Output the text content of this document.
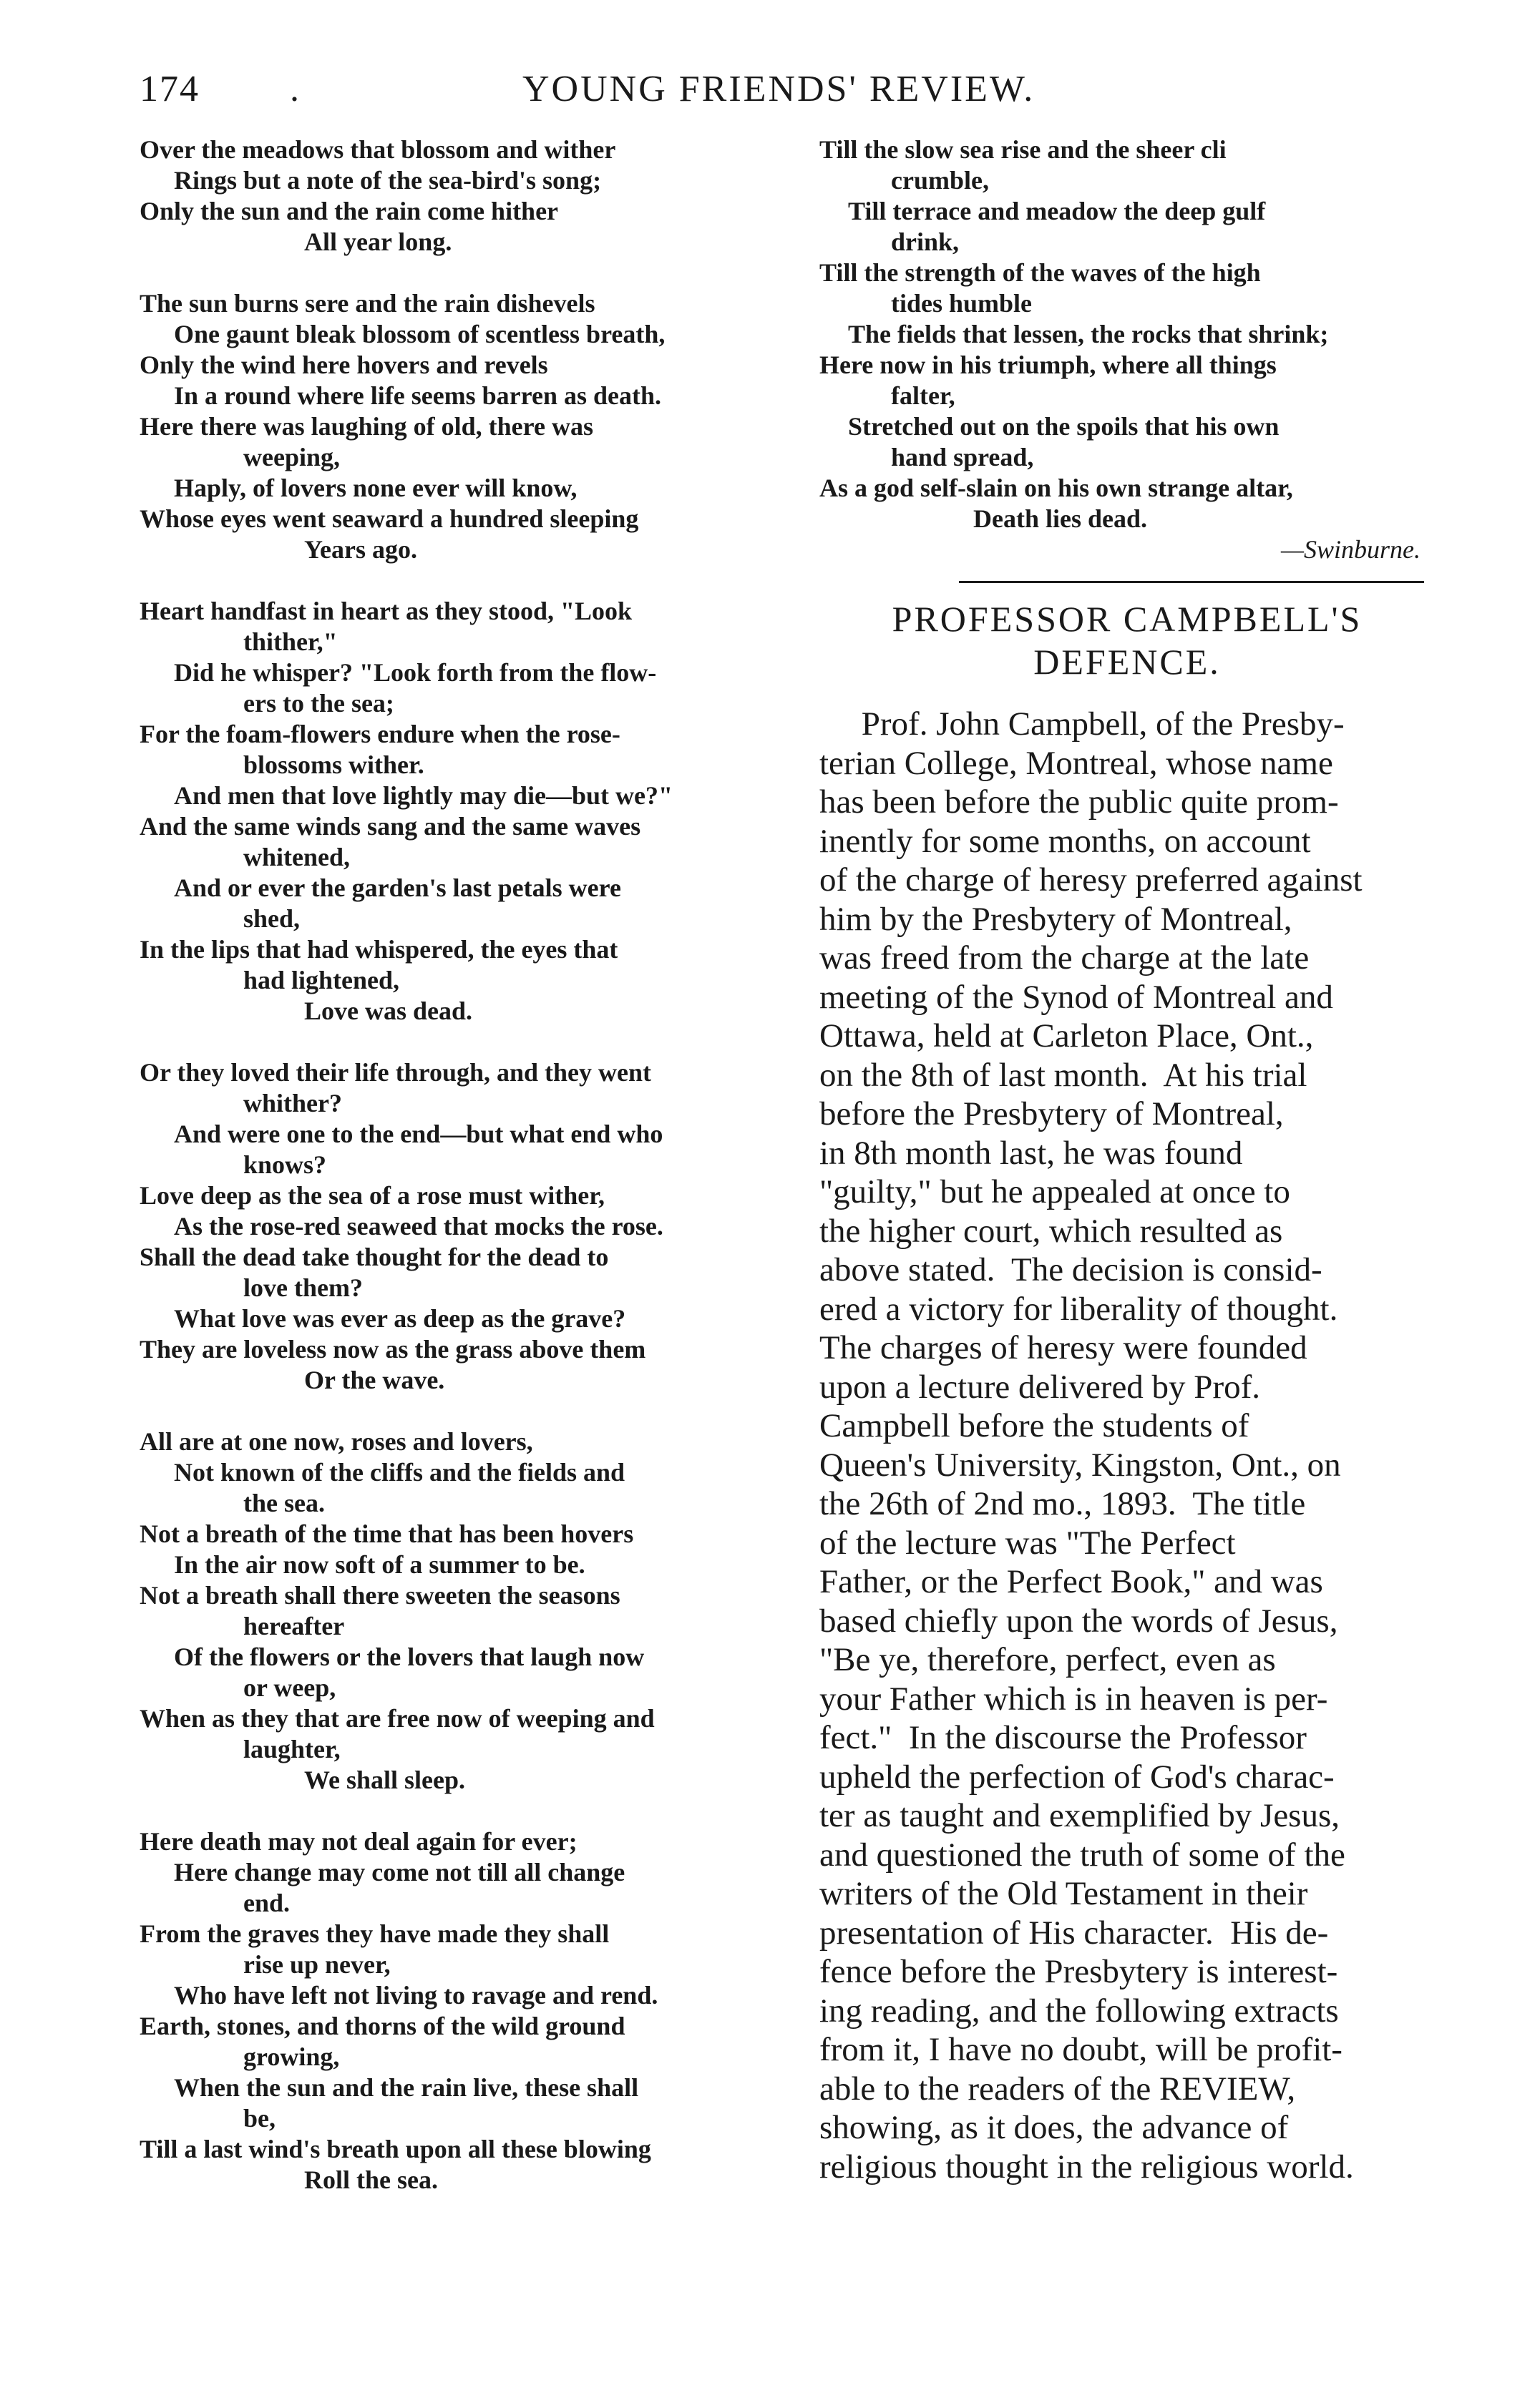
174 .	YOUNG FRIENDS' REVIEW.
Over the meadows that blossom and wither
Rings but a note of the sea-bird's song;
Only the sun and the rain come hither
All year long.
The sun burns sere and the rain dishevels
One gaunt bleak blossom of scentless breath,
Only the wind here hovers and revels
In a round where life seems barren as death.
Here there was laughing of old, there was
weeping,
Haply, of lovers none ever will know,
Whose eyes went seaward a hundred sleeping
Years ago.
Heart handfast in heart as they stood, "Look
thither,"
Did he whisper? "Look forth from the flow-
ers to the sea;
For the foam-flowers endure when the rose-
blossoms wither.
And men that love lightly may die—but we?"
And the same winds sang and the same waves
whitened,
And or ever the garden's last petals were
shed,
In the lips that had whispered, the eyes that
had lightened,
Love was dead.
Or they loved their life through, and they went
whither?
And were one to the end—but what end who
knows?
Love deep as the sea of a rose must wither,
As the rose-red seaweed that mocks the rose.
Shall the dead take thought for the dead to
love them?
What love was ever as deep as the grave?
They are loveless now as the grass above them
Or the wave.
All are at one now, roses and lovers,
Not known of the cliffs and the fields and
the sea.
Not a breath of the time that has been hovers
In the air now soft of a summer to be.
Not a breath shall there sweeten the seasons
hereafter
Of the flowers or the lovers that laugh now
or weep,
When as they that are free now of weeping and
laughter,
We shall sleep.
Here death may not deal again for ever;
Here change may come not till all change
end.
From the graves they have made they shall
rise up never,
Who have left not living to ravage and rend.
Earth, stones, and thorns of the wild ground
growing,
When the sun and the rain live, these shall
be,
Till a last wind's breath upon all these blowing
Roll the sea.
Till the slow sea rise and the sheer cli
crumble,
Till terrace and meadow the deep gulf
drink,
Till the strength of the waves of the high
tides humble
The fields that lessen, the rocks that shrink;
Here now in his triumph, where all things
falter,
Stretched out on the spoils that his own
hand spread,
As a god self-slain on his own strange altar,
Death lies dead.
—Swinburne.
PROFESSOR CAMPBELL'S
DEFENCE.
Prof. John Campbell, of the Presby-
terian College, Montreal, whose name
has been before the public quite prom-
inently for some months, on account
of the charge of heresy preferred against
him by the Presbytery of Montreal,
was freed from the charge at the late
meeting of the Synod of Montreal and
Ottawa, held at Carleton Place, Ont.,
on the 8th of last month.  At his trial
before the Presbytery of Montreal,
in 8th month last, he was found
"guilty," but he appealed at once to
the higher court, which resulted as
above stated.  The decision is consid-
ered a victory for liberality of thought.
The charges of heresy were founded
upon a lecture delivered by Prof.
Campbell before the students of
Queen's University, Kingston, Ont., on
the 26th of 2nd mo., 1893.  The title
of the lecture was "The Perfect
Father, or the Perfect Book," and was
based chiefly upon the words of Jesus,
"Be ye, therefore, perfect, even as
your Father which is in heaven is per-
fect."  In the discourse the Professor
upheld the perfection of God's charac-
ter as taught and exemplified by Jesus,
and questioned the truth of some of the
writers of the Old Testament in their
presentation of His character.  His de-
fence before the Presbytery is interest-
ing reading, and the following extracts
from it, I have no doubt, will be profit-
able to the readers of the REVIEW,
showing, as it does, the advance of
religious thought in the religious world.
